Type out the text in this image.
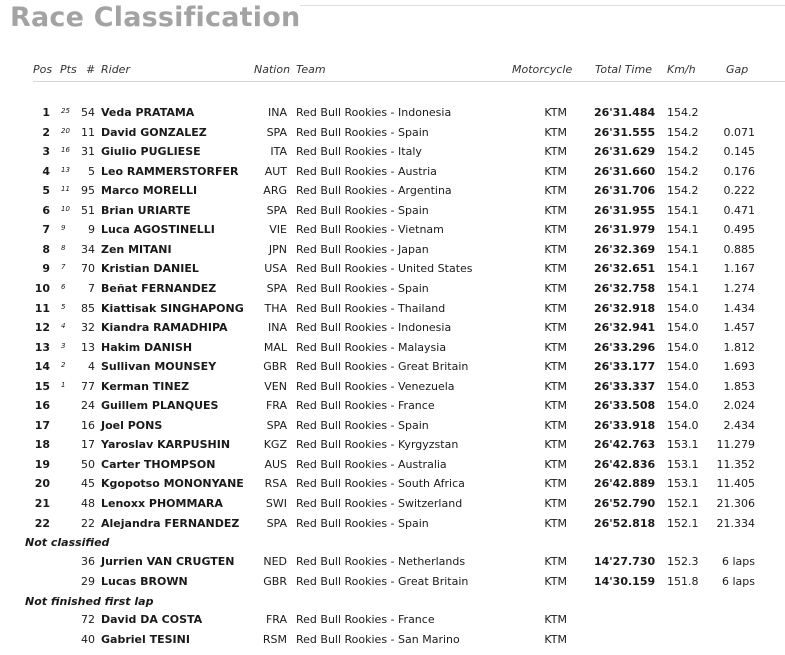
Race Classification
Pos Pts # Rider	Nation Team	Motorcycle Total Time Km/h	Gap
1 25 54 Veda PRATAMA	INA Red Bull Rookies - Indonesia	KTM 26'31.484 154.2
2 20 11 David GONZALEZ	SPA Red Bull Rookies - Spain	KTM 26'31.555 154.2 0.071
3 16 31 Giulio PUGLIESE	ITA Red Bull Rookies - Italy	KTM 26'31.629 154.2 0.145
4 13 5 Leo RAMMERSTORFER AUT Red Bull Rookies - Austria	KTM 26'31.660 154.2 0.176
5 11 95 Marco MORELLI	ARG Red Bull Rookies - Argentina	KTM 26'31.706 154.2 0.222
6 10 51 Brian URIARTE	SPA Red Bull Rookies - Spain	KTM 26'31.955 154.1 0.471
7 9 9 Luca AGOSTINELLI	VIE Red Bull Rookies - Vietnam	KTM 26'31.979 154.1 0.495
8 8 34 Zen MITANI	JPN Red Bull Rookies - Japan	KTM 26'32.369 154.1 0.885
9 7 70 Kristian DANIEL	USA Red Bull Rookies - United States	KTM 26'32.651 154.1 1.167
10 6 7 Beñat FERNANDEZ	SPA Red Bull Rookies - Spain	KTM 26'32.758 154.1 1.274
11 5 85 Kiattisak SINGHAPONG THA Red Bull Rookies - Thailand	KTM 26'32.918 154.0 1.434
12 4 32 Kiandra RAMADHIPA	INA Red Bull Rookies - Indonesia	KTM 26'32.941 154.0 1.457
13 3 13 Hakim DANISH	MAL Red Bull Rookies - Malaysia	KTM 26'33.296 154.0 1.812
14 2 4 Sullivan MOUNSEY	GBR Red Bull Rookies - Great Britain	KTM 26'33.177 154.0 1.693
15 1 77 Kerman TINEZ	VEN Red Bull Rookies - Venezuela	KTM 26'33.337 154.0 1.853
16	24 Guillem PLANQUES	FRA Red Bull Rookies - France	KTM 26'33.508 154.0 2.024
17	16 Joel PONS	SPA Red Bull Rookies - Spain	KTM 26'33.918 154.0 2.434
18	17 Yaroslav KARPUSHIN	KGZ Red Bull Rookies - Kyrgyzstan	KTM 26'42.763 153.1 11.279
19	50 Carter THOMPSON	AUS Red Bull Rookies - Australia	KTM 26'42.836 153.1 11.352
20	45 Kgopotso MONONYANE RSA Red Bull Rookies - South Africa	KTM 26'42.889 153.1 11.405
21	48 Lenoxx PHOMMARA	SWI Red Bull Rookies - Switzerland	KTM 26'52.790 152.1 21.306
22	22 Alejandra FERNANDEZ SPA Red Bull Rookies - Spain	KTM 26'52.818 152.1 21.334
36 Jurrien VAN CRUGTEN	NED Red Bull Rookies - Netherlands	KTM 14'27.730 152.3 6 laps
29 Lucas BROWN	GBR Red Bull Rookies - Great Britain	KTM 14'30.159 151.8 6 laps
72 David DA COSTA	FRA Red Bull Rookies - France	KTM
40 Gabriel TESINI	RSM Red Bull Rookies - San Marino	KTM
Not classified
Not finished first lap
